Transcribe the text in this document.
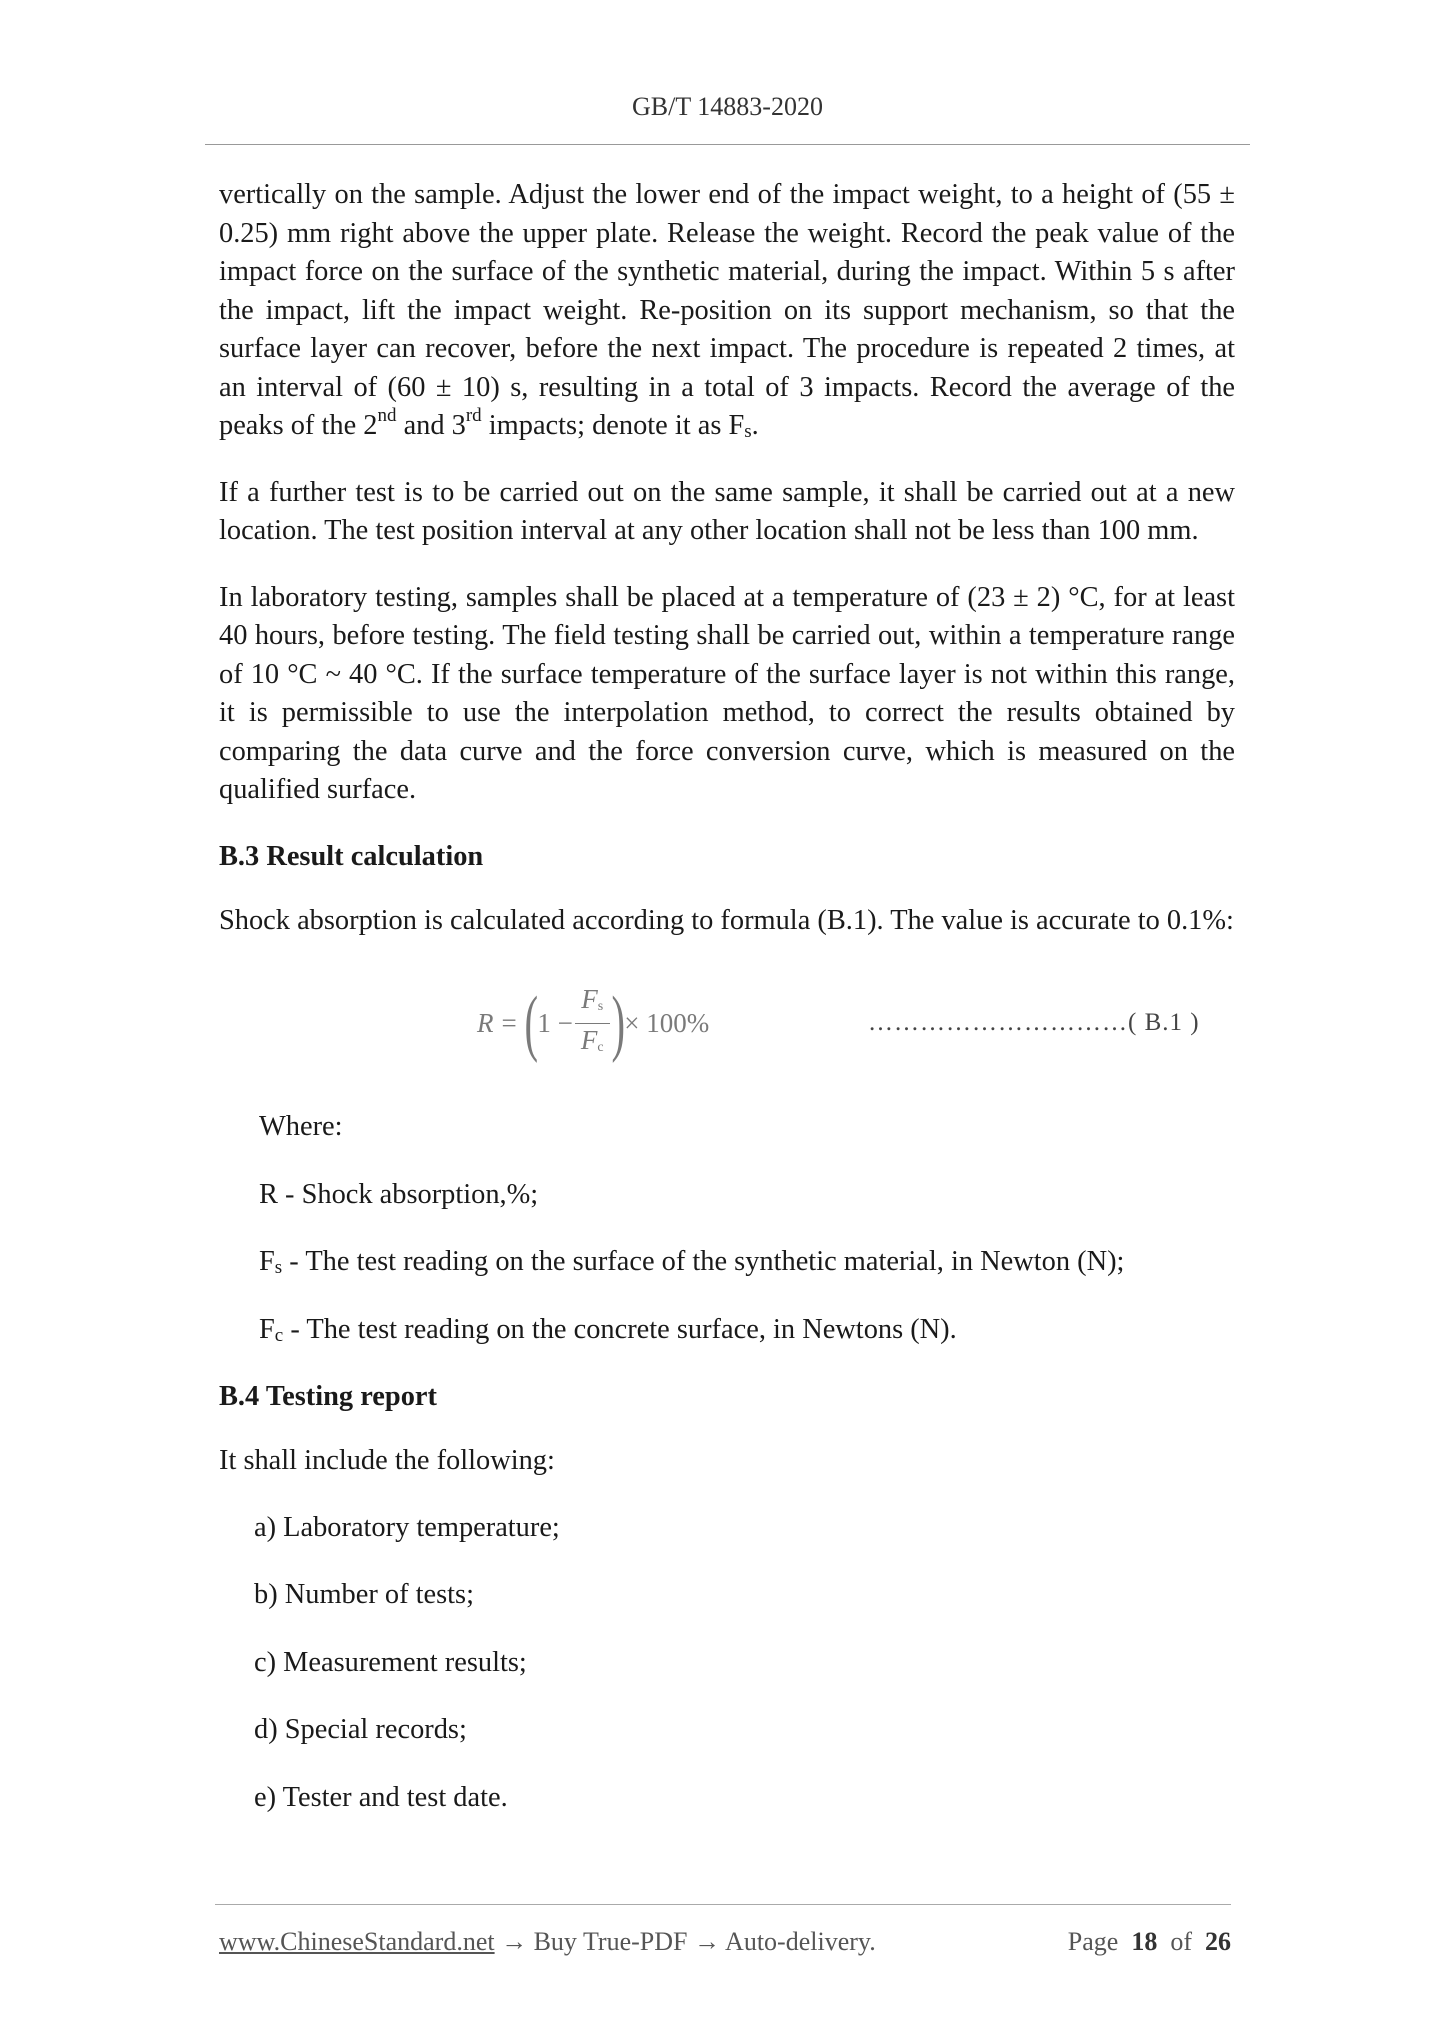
GB/T 14883-2020

vertically on the sample. Adjust the lower end of the impact weight, to a height of (55 ± 0.25) mm right above the upper plate. Release the weight. Record the peak value of the impact force on the surface of the synthetic material, during the impact. Within 5 s after the impact, lift the impact weight. Re-position on its support mechanism, so that the surface layer can recover, before the next impact. The procedure is repeated 2 times, at an interval of (60 ± 10) s, resulting in a total of 3 impacts. Record the average of the peaks of the 2nd and 3rd impacts; denote it as Fs.

If a further test is to be carried out on the same sample, it shall be carried out at a new location. The test position interval at any other location shall not be less than 100 mm.

In laboratory testing, samples shall be placed at a temperature of (23 ± 2) °C, for at least 40 hours, before testing. The field testing shall be carried out, within a temperature range of 10 °C ~ 40 °C. If the surface temperature of the surface layer is not within this range, it is permissible to use the interpolation method, to correct the results obtained by comparing the data curve and the force conversion curve, which is measured on the qualified surface.

B.3 Result calculation

Shock absorption is calculated according to formula (B.1). The value is accurate to 0.1%:

R = ( $1 - \frac{Fs}{Fc}$ ) × 100%	…………………………( B.1 )

Where:

R - Shock absorption,%;

Fs - The test reading on the surface of the synthetic material, in Newton (N);

Fc - The test reading on the concrete surface, in Newtons (N).

B.4 Testing report

It shall include the following:

a) Laboratory temperature;

b) Number of tests;

c) Measurement results;

d) Special records;

e) Tester and test date.

www.ChineseStandard.net → Buy True-PDF → Auto-delivery.	Page 18 of 26
